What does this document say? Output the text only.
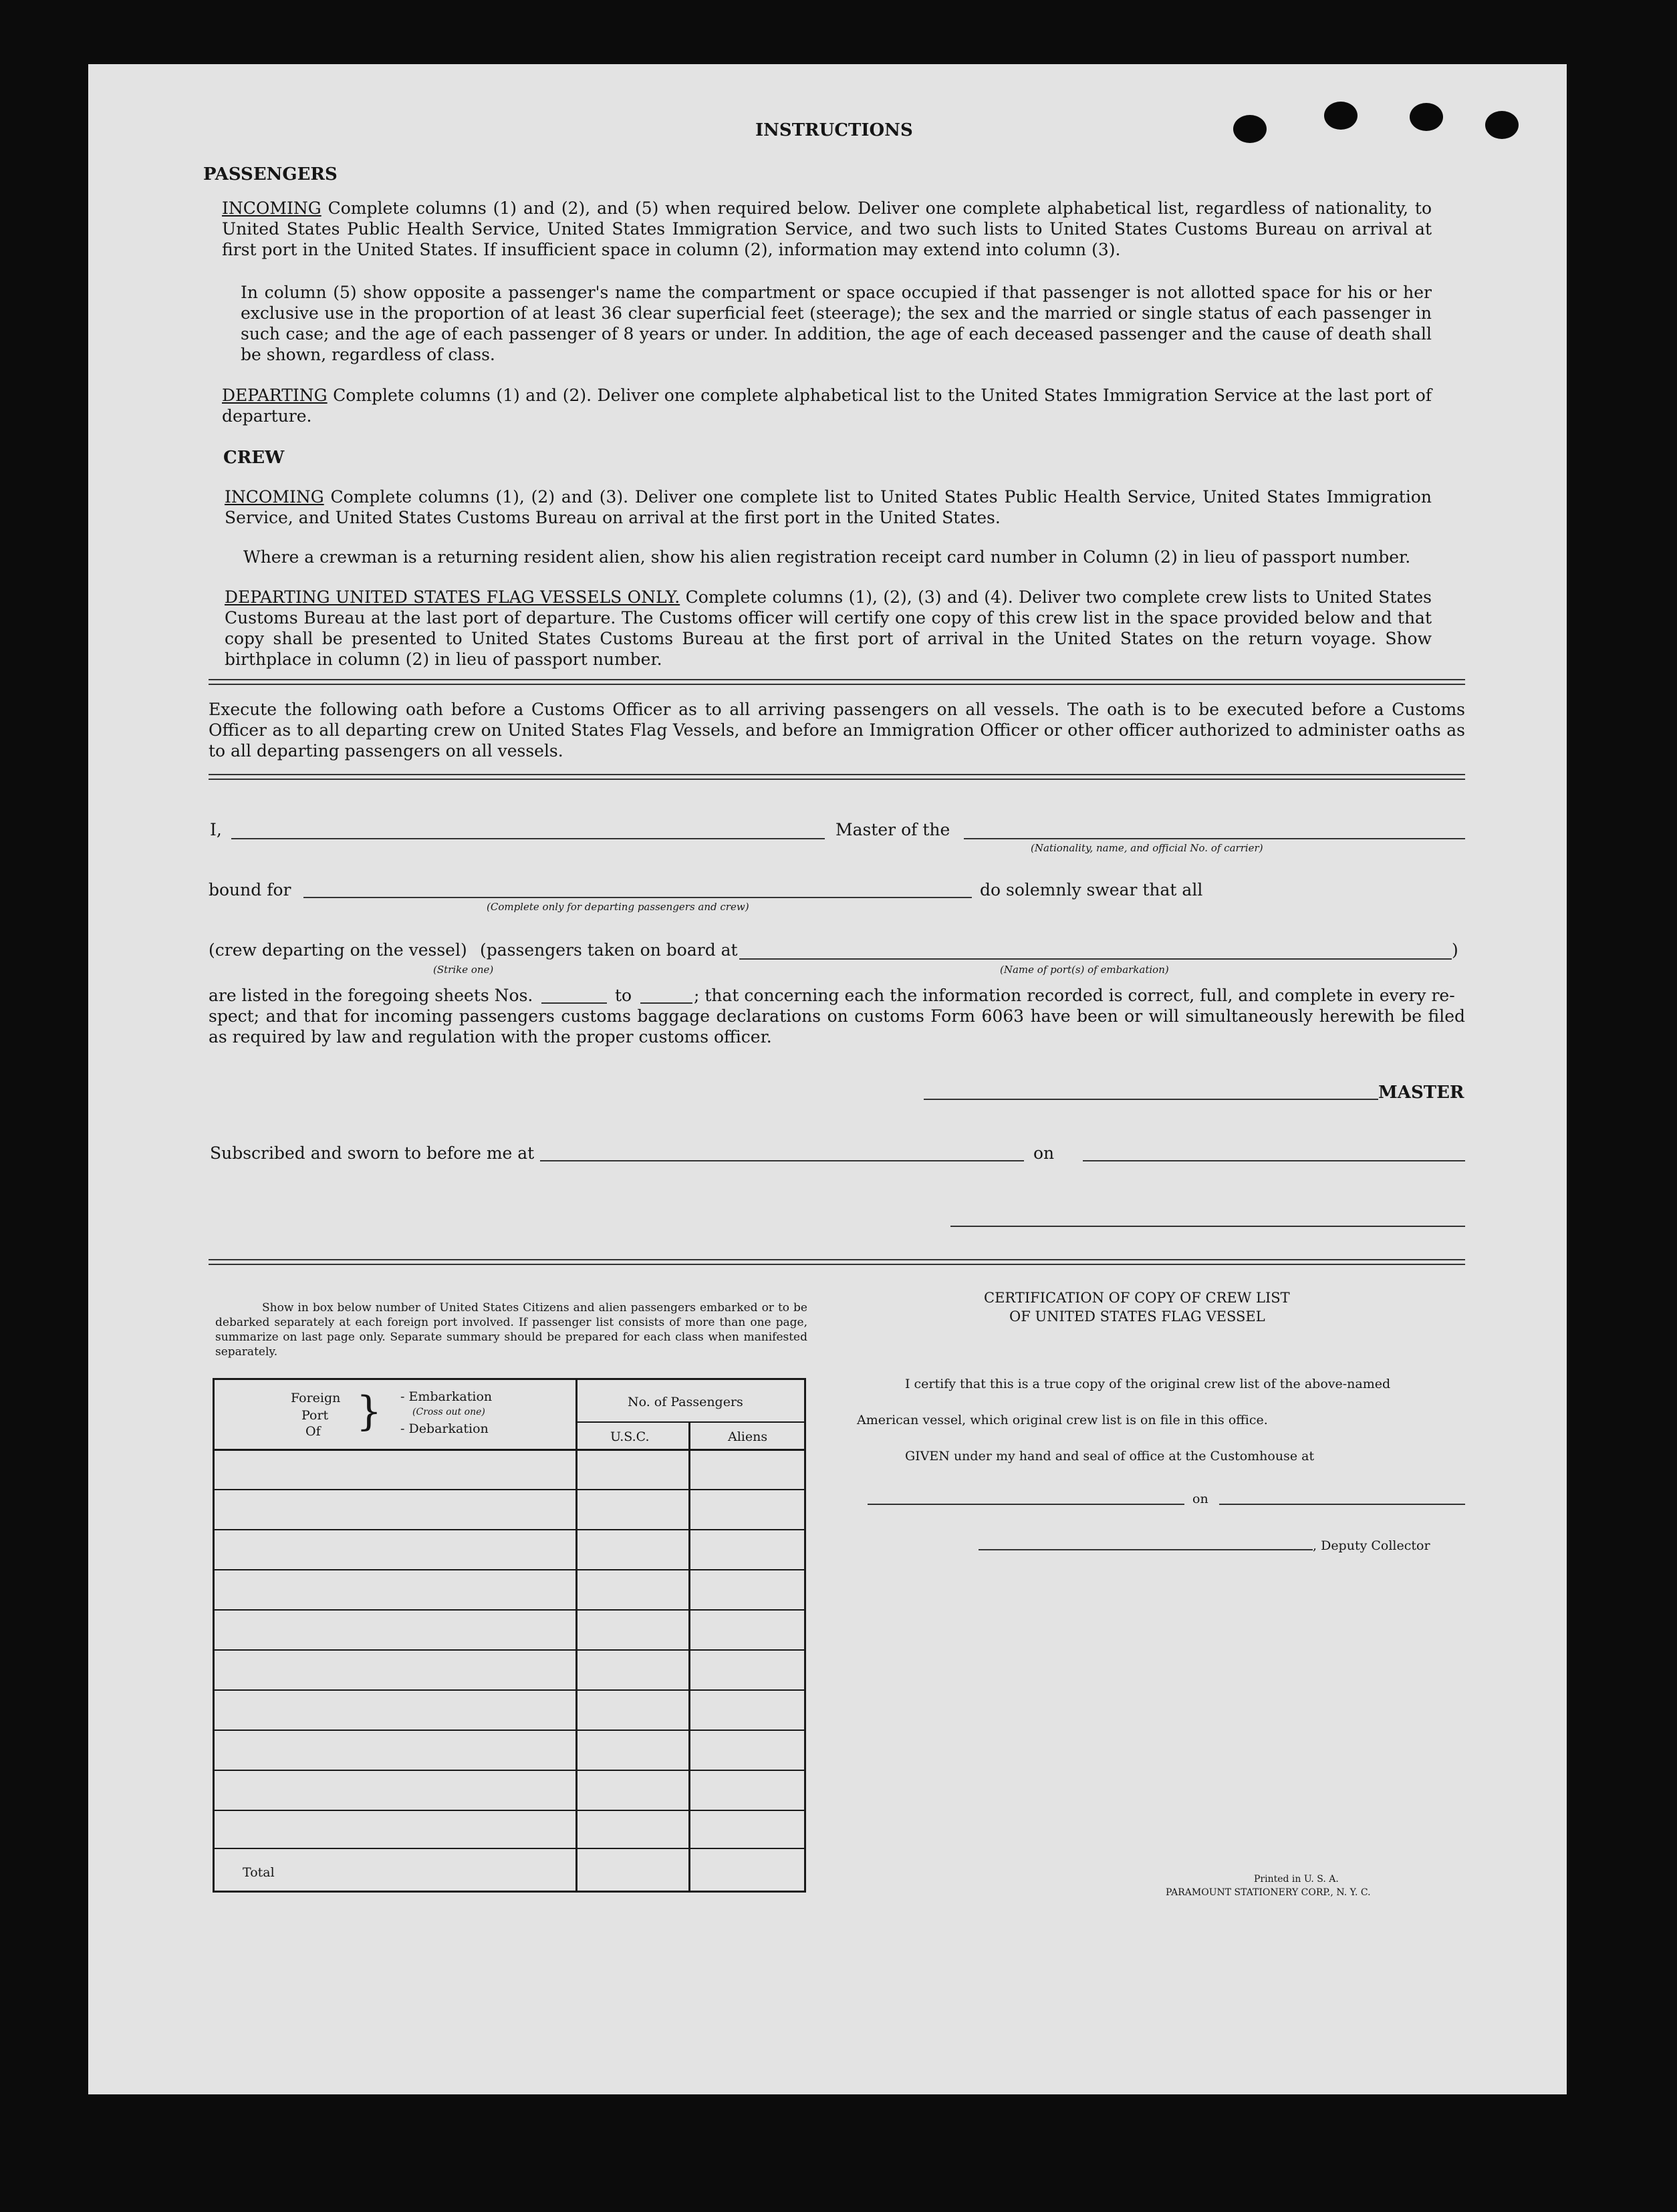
INSTRUCTIONS
PASSENGERS
INCOMING Complete columns (1) and (2), and (5) when required below. Deliver one complete alphabetical list, regardless of nationality, to United States Public Health Service, United States Immigration Service, and two such lists to United States Customs Bureau on arrival at first port in the United States. If insufficient space in column (2), information may extend into column (3).
In column (5) show opposite a passenger's name the compartment or space occupied if that passenger is not allotted space for his or her exclusive use in the proportion of at least 36 clear superficial feet (steerage); the sex and the married or single status of each passenger in such case; and the age of each passenger of 8 years or under. In addition, the age of each deceased passenger and the cause of death shall be shown, regardless of class.
DEPARTING Complete columns (1) and (2). Deliver one complete alphabetical list to the United States Immigration Service at the last port of departure.
CREW
INCOMING Complete columns (1), (2) and (3). Deliver one complete list to United States Public Health Service, United States Immigration Service, and United States Customs Bureau on arrival at the first port in the United States.
Where a crewman is a returning resident alien, show his alien registration receipt card number in Column (2) in lieu of passport number.
DEPARTING UNITED STATES FLAG VESSELS ONLY. Complete columns (1), (2), (3) and (4). Deliver two complete crew lists to United States Customs Bureau at the last port of departure. The Customs officer will certify one copy of this crew list in the space provided below and that copy shall be presented to United States Customs Bureau at the first port of arrival in the United States on the return voyage. Show birthplace in column (2) in lieu of passport number.
Execute the following oath before a Customs Officer as to all arriving passengers on all vessels. The oath is to be executed before a Customs Officer as to all departing crew on United States Flag Vessels, and before an Immigration Officer or other officer authorized to administer oaths as to all departing passengers on all vessels.
I,	Master of the
(Nationality, name, and official No. of carrier)
bound for
(Complete only for departing passengers and crew)
do solemnly swear that all
(crew departing on the vessel) (passengers taken on board at	)
(Strike one)	(Name of port(s) of embarkation)
are listed in the foregoing sheets Nos.	to	; that concerning each the information recorded is correct, full, and complete in every re-
spect; and that for incoming passengers customs baggage declarations on customs Form 6063 have been or will simultaneously herewith be filed as required by law and regulation with the proper customs officer.
MASTER
Subscribed and sworn to before me at	on
Show in box below number of United States Citizens and alien passengers embarked or to be debarked separately at each foreign port involved. If passenger list consists of more than one page, summarize on last page only. Separate summary should be prepared for each class when manifested separately.
Foreign
Port
Of } - Embarkation
(Cross out one)
- Debarkation
No. of Passengers
U.S.C.	Aliens
Total
CERTIFICATION OF COPY OF CREW LIST
OF UNITED STATES FLAG VESSEL
I certify that this is a true copy of the original crew list of the above-named
American vessel, which original crew list is on file in this office.
GIVEN under my hand and seal of office at the Customhouse at
on
, Deputy Collector
Printed in U. S. A.
PARAMOUNT STATIONERY CORP., N. Y. C.
